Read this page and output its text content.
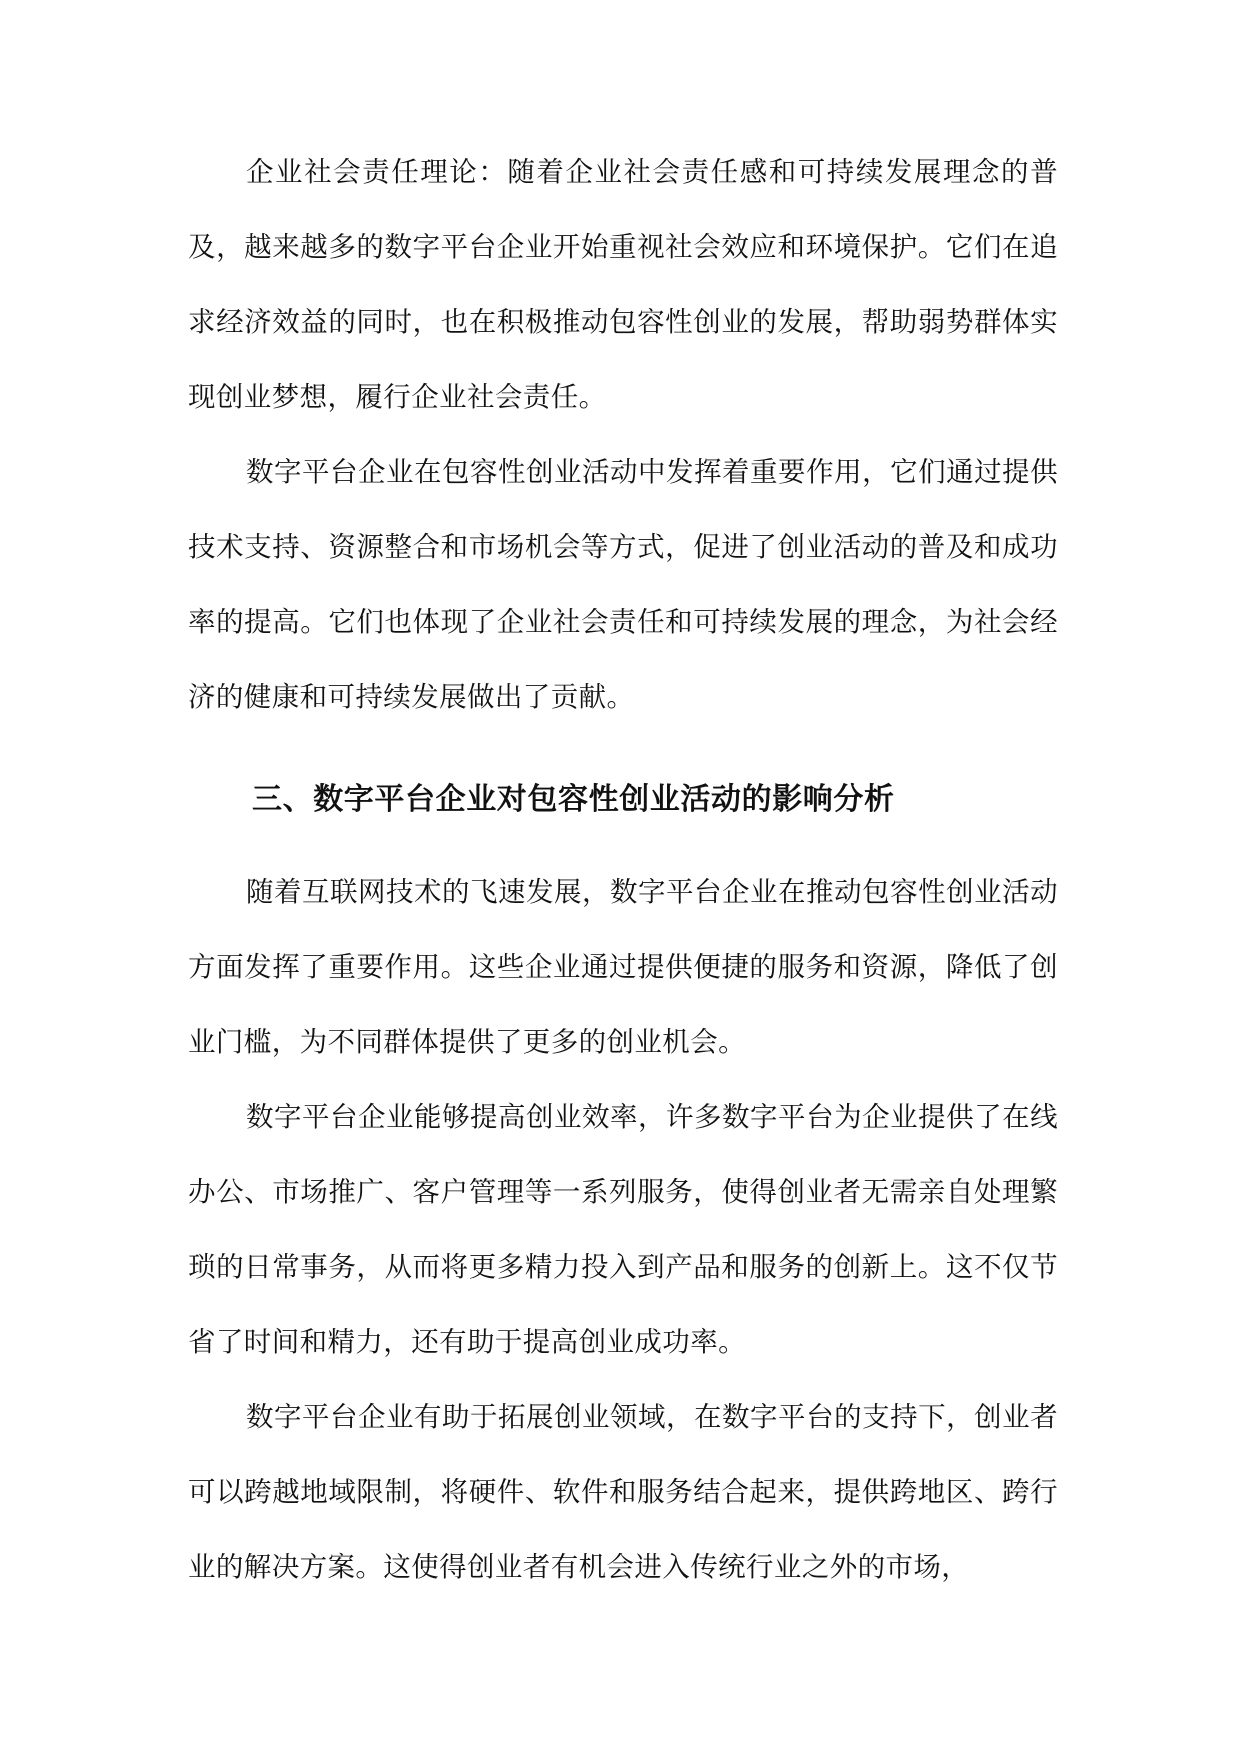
企业社会责任理论：随着企业社会责任感和可持续发展理念的普及，越来越多的数字平台企业开始重视社会效应和环境保护。它们在追求经济效益的同时，也在积极推动包容性创业的发展，帮助弱势群体实现创业梦想，履行企业社会责任。

数字平台企业在包容性创业活动中发挥着重要作用，它们通过提供技术支持、资源整合和市场机会等方式，促进了创业活动的普及和成功率的提高。它们也体现了企业社会责任和可持续发展的理念，为社会经济的健康和可持续发展做出了贡献。

三、数字平台企业对包容性创业活动的影响分析

随着互联网技术的飞速发展，数字平台企业在推动包容性创业活动方面发挥了重要作用。这些企业通过提供便捷的服务和资源，降低了创业门槛，为不同群体提供了更多的创业机会。

数字平台企业能够提高创业效率，许多数字平台为企业提供了在线办公、市场推广、客户管理等一系列服务，使得创业者无需亲自处理繁琐的日常事务，从而将更多精力投入到产品和服务的创新上。这不仅节省了时间和精力，还有助于提高创业成功率。

数字平台企业有助于拓展创业领域，在数字平台的支持下，创业者可以跨越地域限制，将硬件、软件和服务结合起来，提供跨地区、跨行业的解决方案。这使得创业者有机会进入传统行业之外的市场，
